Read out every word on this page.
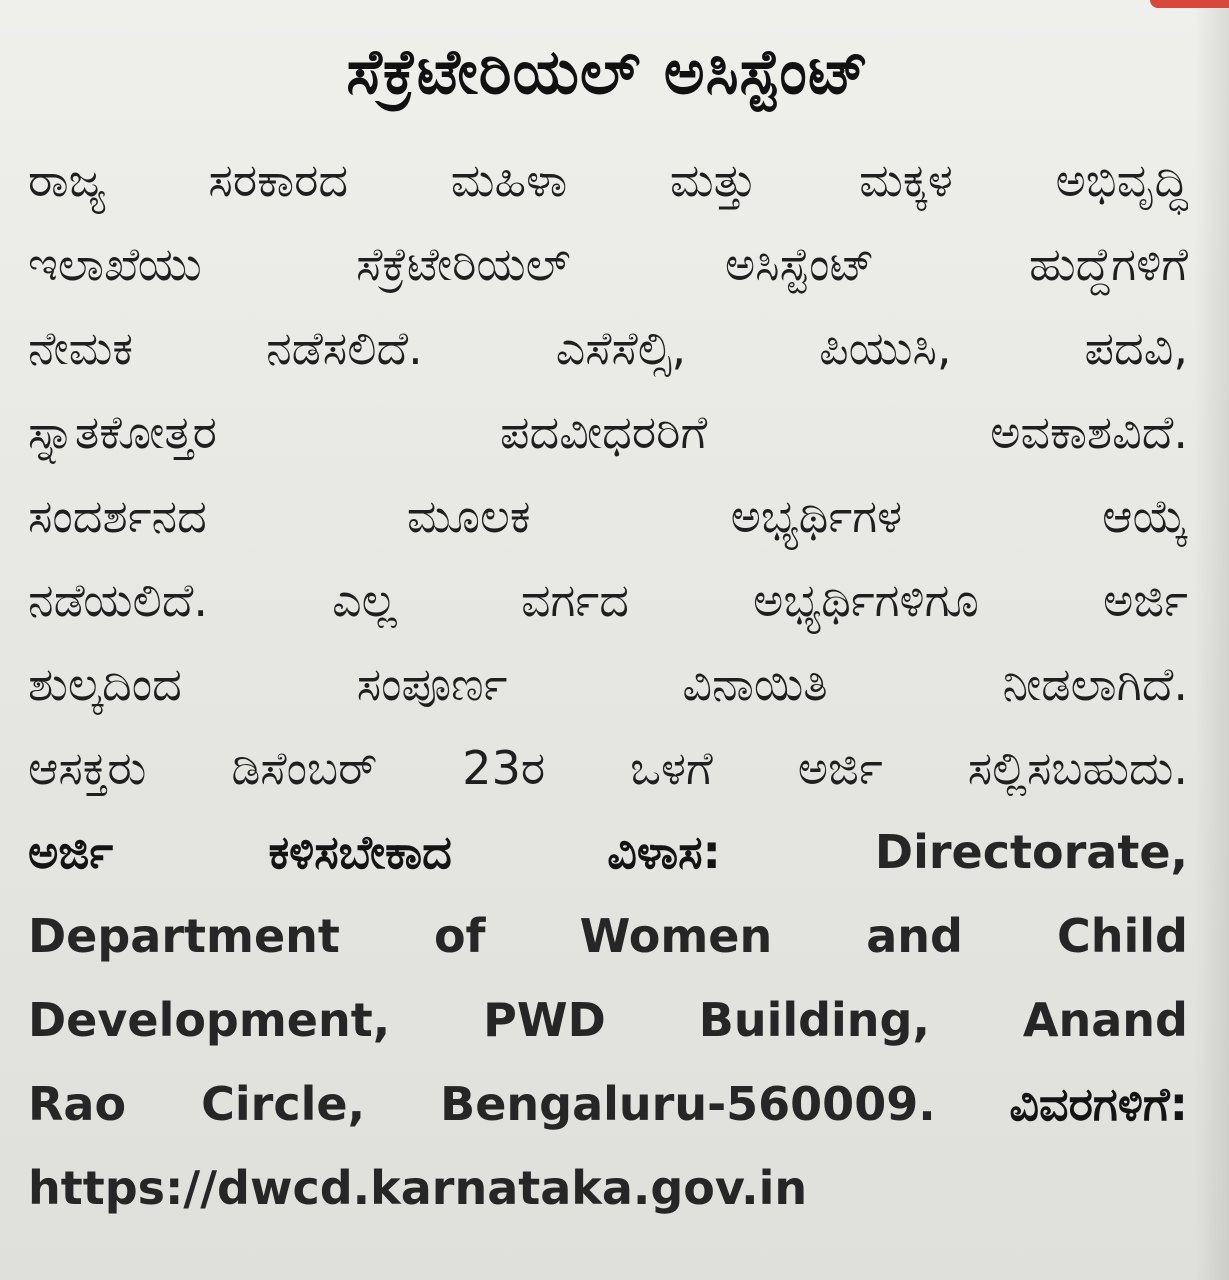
ಸೆಕ್ರೆಟೇರಿಯಲ್ ಅಸಿಸ್ಟೆಂಟ್
ರಾಜ್ಯ ಸರಕಾರದ ಮಹಿಳಾ ಮತ್ತು ಮಕ್ಕಳ ಅಭಿವೃದ್ಧಿ
ಇಲಾಖೆಯು ಸೆಕ್ರೆಟೇರಿಯಲ್ ಅಸಿಸ್ಟೆಂಟ್ ಹುದ್ದೆಗಳಿಗೆ
ನೇಮಕ ನಡೆಸಲಿದೆ. ಎಸೆಸೆಲ್ಸಿ, ಪಿಯುಸಿ, ಪದವಿ,
ಸ್ನಾತಕೋತ್ತರ ಪದವೀಧರರಿಗೆ ಅವಕಾಶವಿದೆ.
ಸಂದರ್ಶನದ ಮೂಲಕ ಅಭ್ಯರ್ಥಿಗಳ ಆಯ್ಕೆ
ನಡೆಯಲಿದೆ. ಎಲ್ಲ ವರ್ಗದ ಅಭ್ಯರ್ಥಿಗಳಿಗೂ ಅರ್ಜಿ
ಶುಲ್ಕದಿಂದ ಸಂಪೂರ್ಣ ವಿನಾಯಿತಿ ನೀಡಲಾಗಿದೆ.
ಆಸಕ್ತರು ಡಿಸೆಂಬರ್ 23ರ ಒಳಗೆ ಅರ್ಜಿ ಸಲ್ಲಿಸಬಹುದು.
ಅರ್ಜಿ ಕಳಿಸಬೇಕಾದ ವಿಳಾಸ:	Directorate,
Department of Women and Child
Development, PWD Building, Anand
Rao Circle, Bengaluru-560009. ವಿವರಗಳಿಗೆ:
https://dwcd.karnataka.gov.in
